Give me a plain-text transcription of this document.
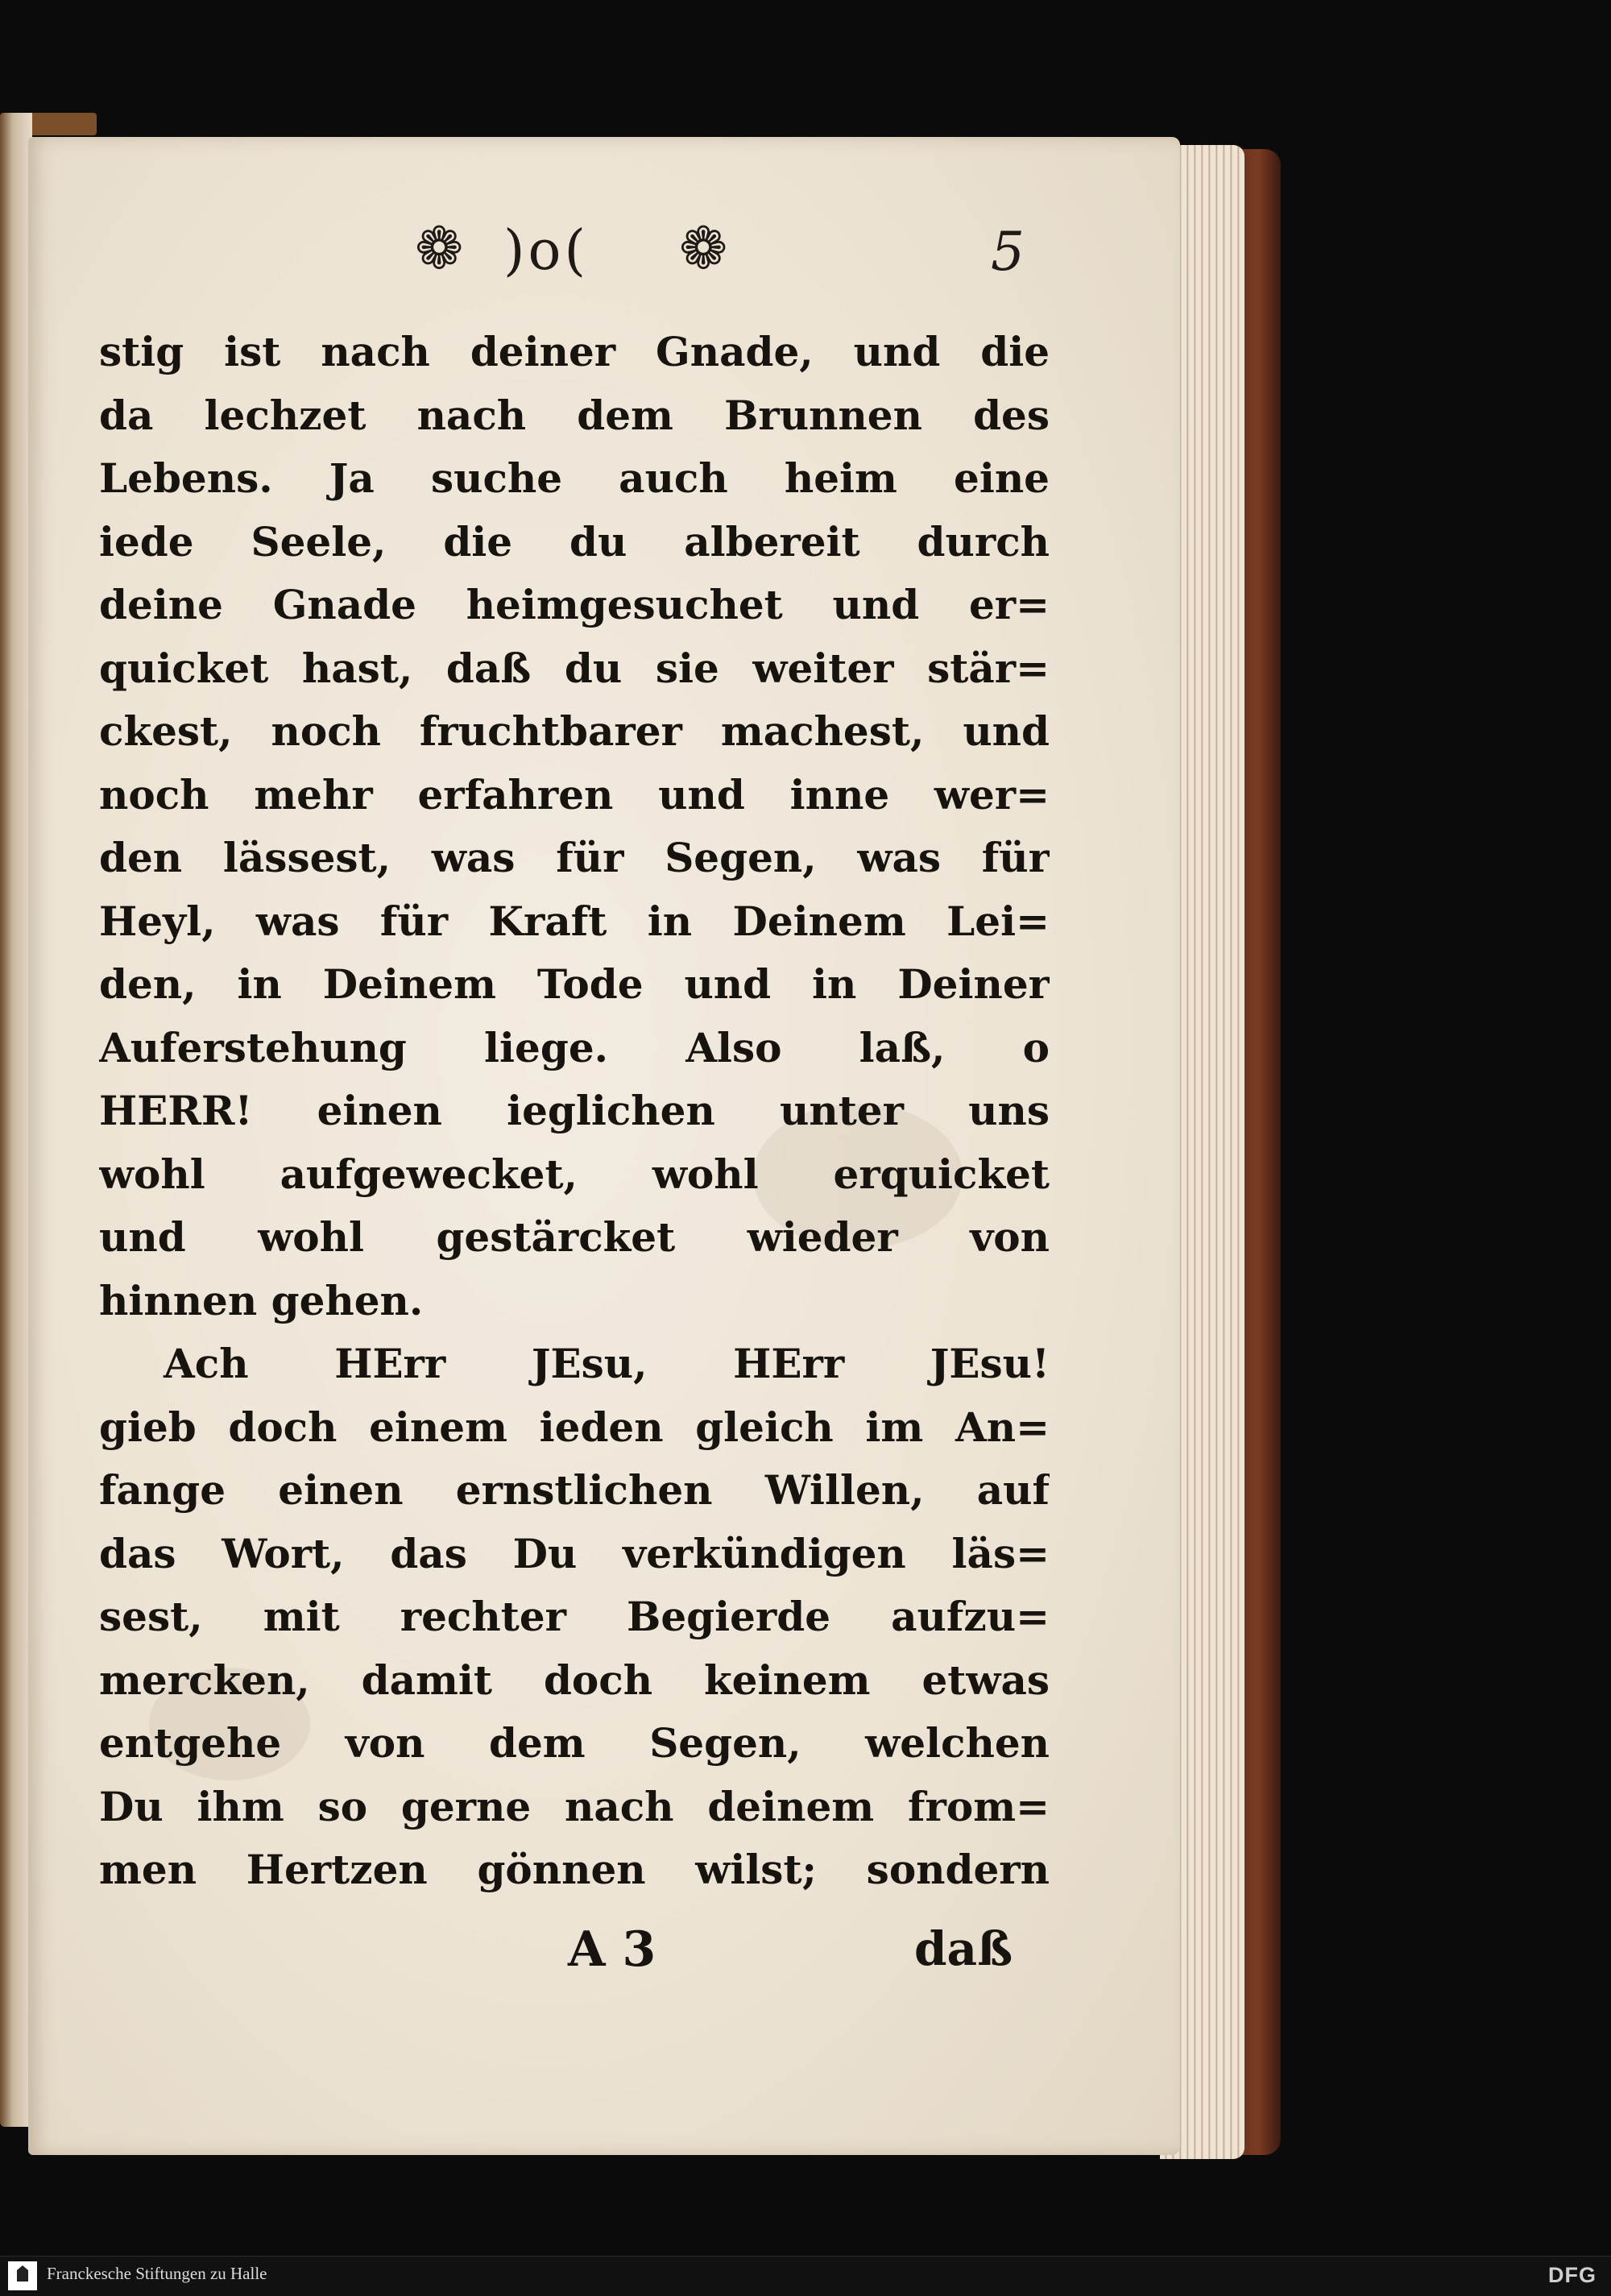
❁ )o( ❁	5
stig ist nach deiner Gnade, und die
da lechzet nach dem Brunnen des
Lebens. Ja suche auch heim eine
iede Seele, die du albereit durch
deine Gnade heimgesuchet und er=
quicket hast, daß du sie weiter stär=
ckest, noch fruchtbarer machest, und
noch mehr erfahren und inne wer=
den lässest, was für Segen, was für
Heyl, was für Kraft in Deinem Lei=
den, in Deinem Tode und in Deiner
Auferstehung liege. Also laß, o
HERR! einen ieglichen unter uns
wohl aufgewecket, wohl erquicket
und wohl gestärcket wieder von
hinnen gehen.
Ach HErr JEsu, HErr JEsu!
gieb doch einem ieden gleich im An=
fange einen ernstlichen Willen, auf
das Wort, das Du verkündigen läs=
sest, mit rechter Begierde aufzu=
mercken, damit doch keinem etwas
entgehe von dem Segen, welchen
Du ihm so gerne nach deinem from=
men Hertzen gönnen wilst; sondern
A 3	daß
Franckesche Stiftungen zu Halle	DFG
